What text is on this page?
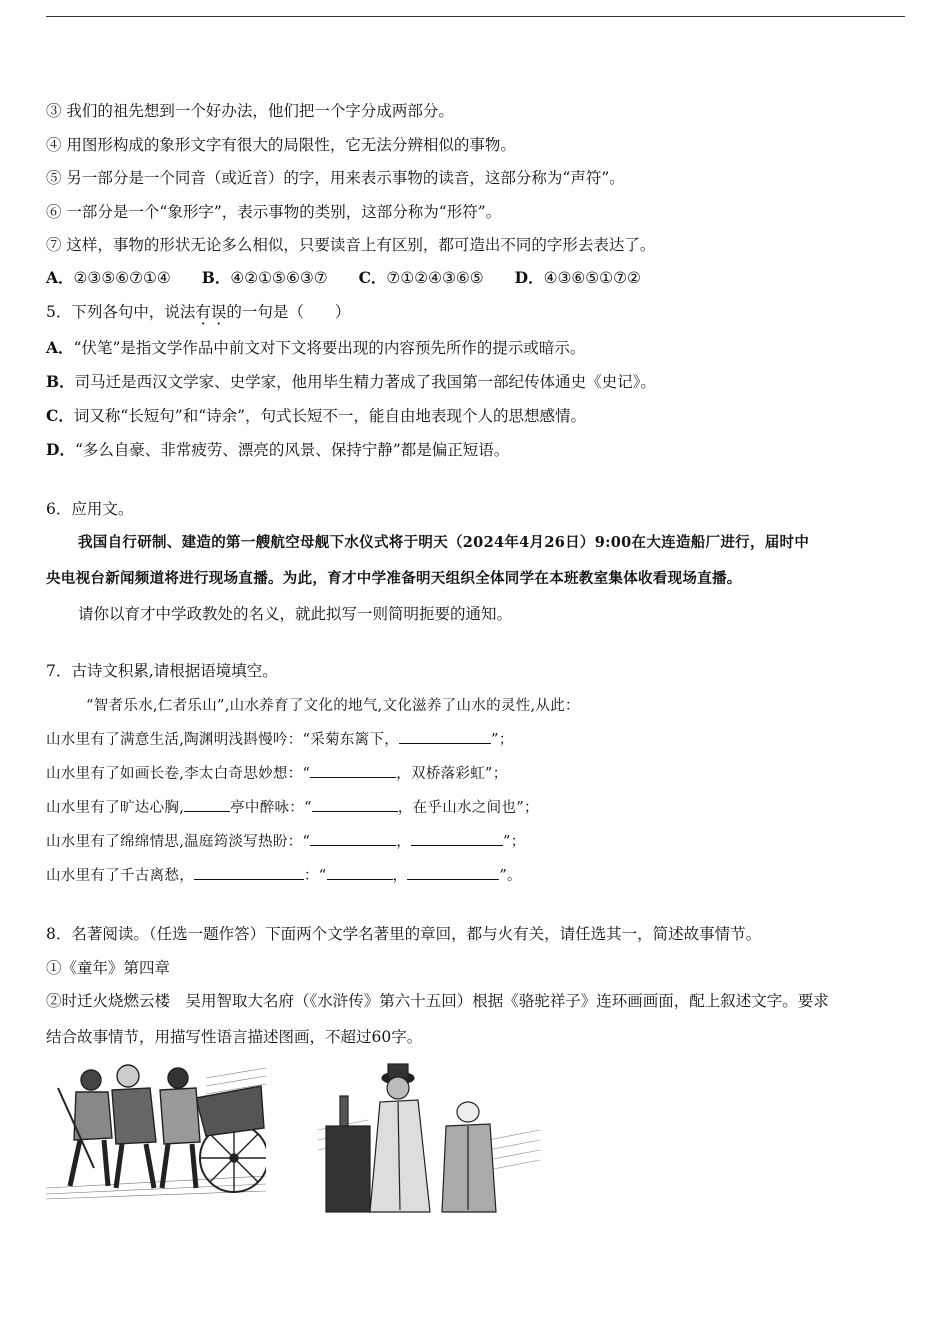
③ 我们的祖先想到一个好办法，他们把一个字分成两部分。
④ 用图形构成的象形文字有很大的局限性，它无法分辨相似的事物。
⑤ 另一部分是一个同音（或近音）的字，用来表示事物的读音，这部分称为“声符”。
⑥ 一部分是一个“象形字”，表示事物的类别，这部分称为“形符”。
⑦ 这样，事物的形状无论多么相似，只要读音上有区别，都可造出不同的字形去表达了。
A．②③⑤⑥⑦①④ B．④②①⑤⑥③⑦ C．⑦①②④③⑥⑤ D．④③⑥⑤①⑦②
5．下列各句中，说法有误的一句是（　　）
A．“伏笔”是指文学作品中前文对下文将要出现的内容预先所作的提示或暗示。
B．司马迁是西汉文学家、史学家，他用毕生精力著成了我国第一部纪传体通史《史记》。
C．词又称“长短句”和“诗余”，句式长短不一，能自由地表现个人的思想感情。
D．“多么自豪、非常疲劳、漂亮的风景、保持宁静”都是偏正短语。
6．应用文。
我国自行研制、建造的第一艘航空母舰下水仪式将于明天（2024年4月26日）9:00在大连造船厂进行，届时中
央电视台新闻频道将进行现场直播。为此，育才中学准备明天组织全体同学在本班教室集体收看现场直播。
请你以育才中学政教处的名义，就此拟写一则简明扼要的通知。
7．古诗文积累,请根据语境填空。
“智者乐水,仁者乐山”,山水养育了文化的地气,文化滋养了山水的灵性,从此：
山水里有了满意生活,陶渊明浅斟慢吟：“采菊东篱下，	”；
山水里有了如画长卷,李太白奇思妙想：“	，双桥落彩虹”；
山水里有了旷达心胸,	亭中醉咏：“	，在乎山水之间也”；
山水里有了绵绵情思,温庭筠淡写热盼：“	，	”；
山水里有了千古离愁，	：“	，	”。
8．名著阅读。（任选一题作答）下面两个文学名著里的章回，都与火有关，请任选其一，简述故事情节。
①《童年》第四章
②时迁火烧燃云楼　吴用智取大名府（《水浒传》第六十五回）根据《骆驼祥子》连环画画面，配上叙述文字。要求
结合故事情节，用描写性语言描述图画，不超过60字。
